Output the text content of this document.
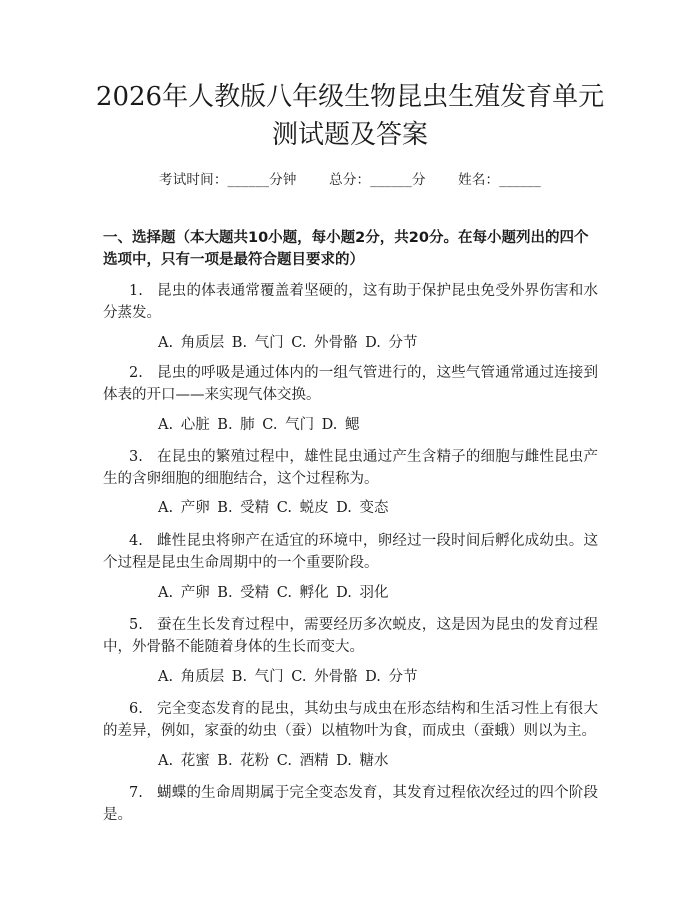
2026年人教版八年级生物昆虫生殖发育单元
测试题及答案
考试时间：______分钟 总分：______分 姓名：______
一、选择题（本大题共10小题，每小题2分，共20分。在每小题列出的四个选项中，只有一项是最符合题目要求的）
1. 昆虫的体表通常覆盖着坚硬的，这有助于保护昆虫免受外界伤害和水分蒸发。
A. 角质层 B. 气门 C. 外骨骼 D. 分节
2. 昆虫的呼吸是通过体内的一组气管进行的，这些气管通常通过连接到体表的开口——来实现气体交换。
A. 心脏 B. 肺 C. 气门 D. 鳃
3. 在昆虫的繁殖过程中，雄性昆虫通过产生含精子的细胞与雌性昆虫产生的含卵细胞的细胞结合，这个过程称为。
A. 产卵 B. 受精 C. 蜕皮 D. 变态
4. 雌性昆虫将卵产在适宜的环境中，卵经过一段时间后孵化成幼虫。这个过程是昆虫生命周期中的一个重要阶段。
A. 产卵 B. 受精 C. 孵化 D. 羽化
5. 蚕在生长发育过程中，需要经历多次蜕皮，这是因为昆虫的发育过程中，外骨骼不能随着身体的生长而变大。
A. 角质层 B. 气门 C. 外骨骼 D. 分节
6. 完全变态发育的昆虫，其幼虫与成虫在形态结构和生活习性上有很大的差异，例如，家蚕的幼虫（蚕）以植物叶为食，而成虫（蚕蛾）则以为主。
A. 花蜜 B. 花粉 C. 酒精 D. 糖水
7. 蝴蝶的生命周期属于完全变态发育，其发育过程依次经过的四个阶段是。
